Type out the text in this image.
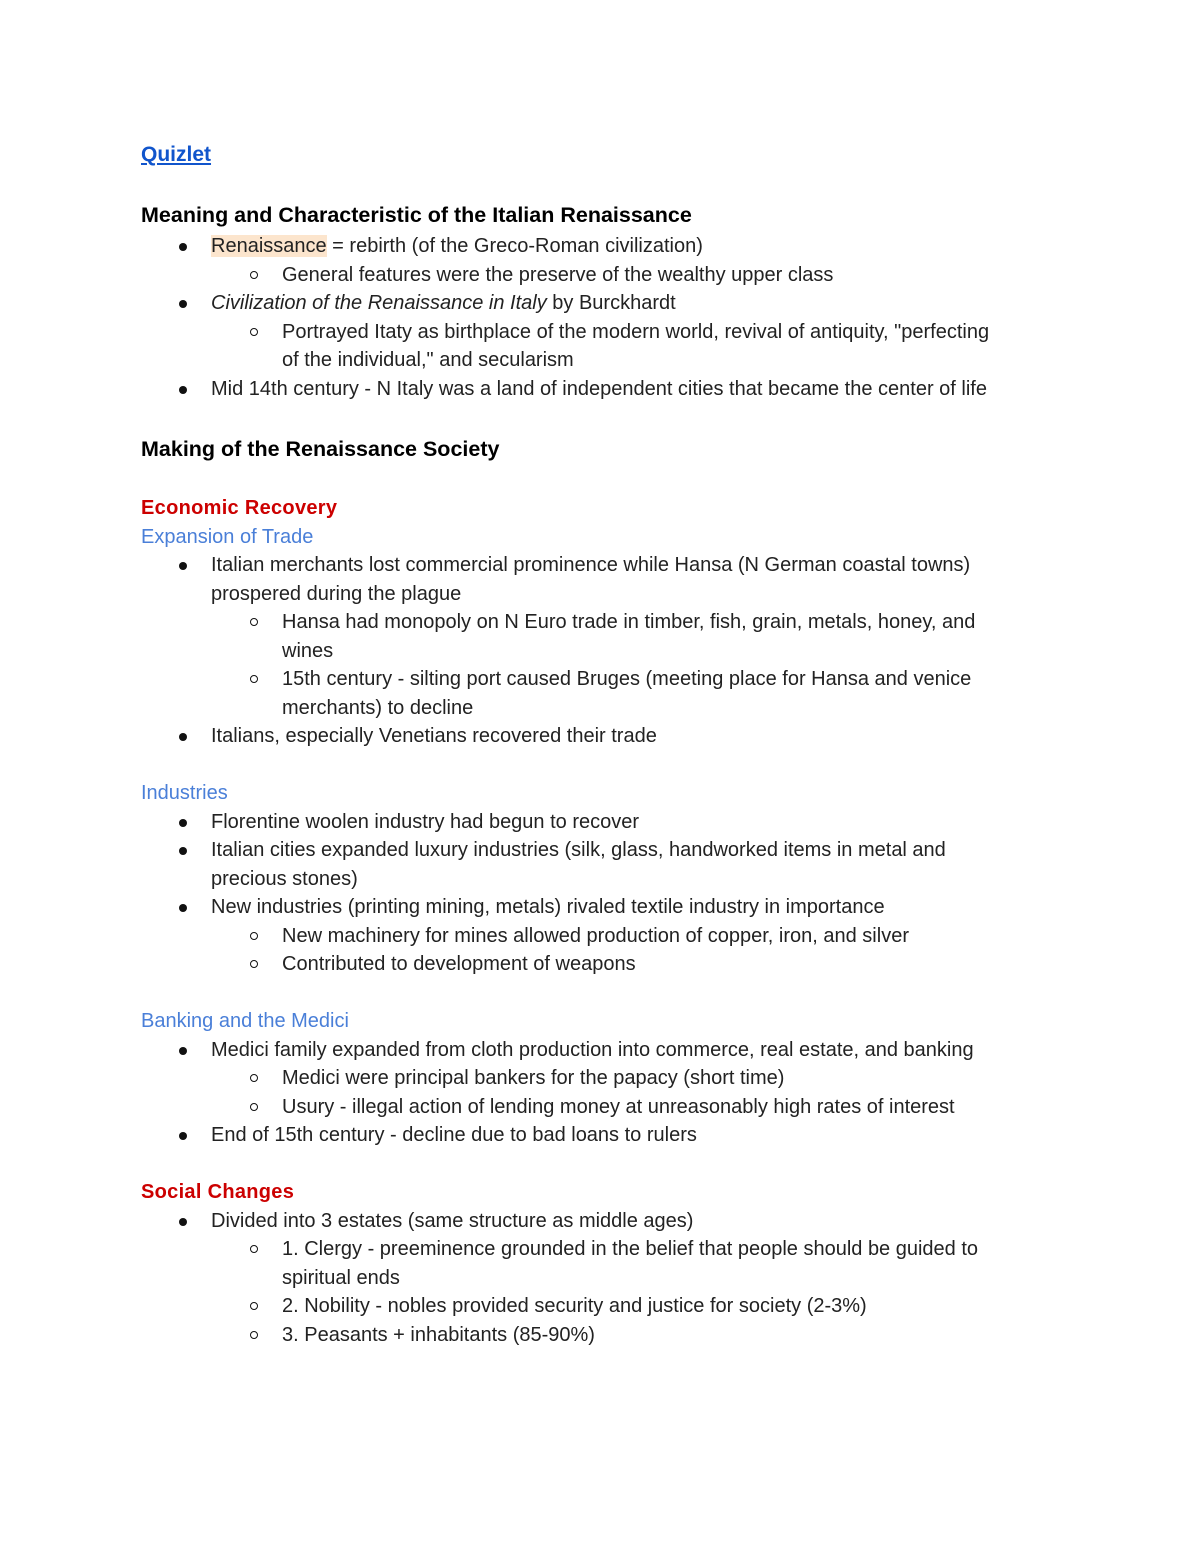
Quizlet
Meaning and Characteristic of the Italian Renaissance
Renaissance = rebirth (of the Greco-Roman civilization)
General features were the preserve of the wealthy upper class
Civilization of the Renaissance in Italy by Burckhardt
Portrayed Itaty as birthplace of the modern world, revival of antiquity, "perfecting
of the individual," and secularism
Mid 14th century - N Italy was a land of independent cities that became the center of life
Making of the Renaissance Society
Economic Recovery
Expansion of Trade
Italian merchants lost commercial prominence while Hansa (N German coastal towns)
prospered during the plague
Hansa had monopoly on N Euro trade in timber, fish, grain, metals, honey, and
wines
15th century - silting port caused Bruges (meeting place for Hansa and venice
merchants) to decline
Italians, especially Venetians recovered their trade
Industries
Florentine woolen industry had begun to recover
Italian cities expanded luxury industries (silk, glass, handworked items in metal and
precious stones)
New industries (printing mining, metals) rivaled textile industry in importance
New machinery for mines allowed production of copper, iron, and silver
Contributed to development of weapons
Banking and the Medici
Medici family expanded from cloth production into commerce, real estate, and banking
Medici were principal bankers for the papacy (short time)
Usury - illegal action of lending money at unreasonably high rates of interest
End of 15th century - decline due to bad loans to rulers
Social Changes
Divided into 3 estates (same structure as middle ages)
1. Clergy - preeminence grounded in the belief that people should be guided to
spiritual ends
2. Nobility - nobles provided security and justice for society (2-3%)
3. Peasants + inhabitants (85-90%)
